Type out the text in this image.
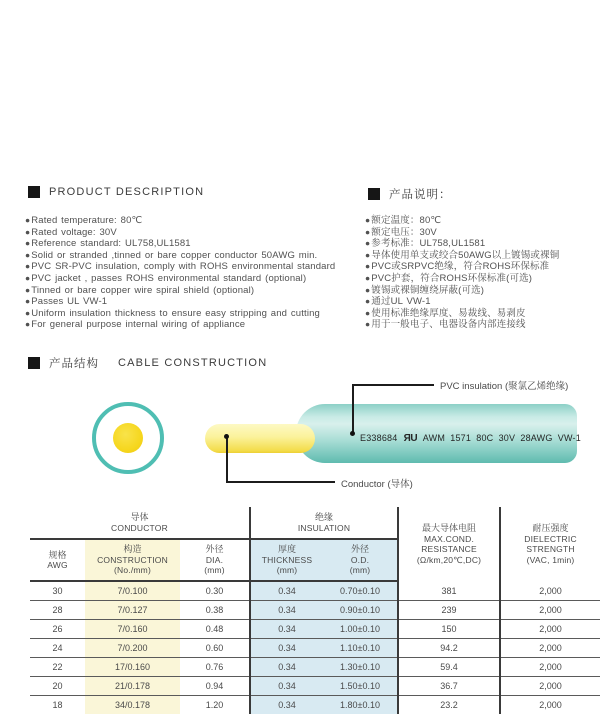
PRODUCT DESCRIPTION	产品说明：
● Rated temperature: 80℃
● Rated voltage: 30V
● Reference standard: UL758,UL1581
● Solid or stranded ,tinned or bare copper conductor 50AWG min.
● PVC SR-PVC insulation, comply with ROHS environmental standard
● PVC jacket , passes ROHS environmental standard (optional)
● Tinned or bare copper wire spiral shield (optional)
● Passes UL VW-1
● Uniform insulation thickness to ensure easy stripping and cutting
● For general purpose internal wiring of appliance
● 额定温度：80℃
● 额定电压：30V
● 参考标准：UL758,UL1581
● 导体使用单支或绞合50AWG以上镀锡或裸铜
● PVC或SRPVC绝缘，符合ROHS环保标准
● PVC护套，符合ROHS环保标准(可选)
● 镀锡或裸铜缠绕屏蔽(可选)
● 通过UL VW-1
● 使用标准绝缘厚度、易裁线、易剥皮
● 用于一般电子、电器设备内部连接线
产品结构 CABLE CONSTRUCTION
E338684 ЯU AWM 1571 80C 30V 28AWG VW-1
PVC insulation (聚氯乙烯绝缘)
Conductor (导体)
导体
CONDUCTOR			绝缘
INSULATION		最大导体电阻
MAX.COND.
RESISTANCE
(Ω/km,20℃,DC)	耐压强度
DIELECTRIC
STRENGTH
(VAC, 1min)

规格
AWG	构造
CONSTRUCTION
(No./mm)	外径
DIA.
(mm)	厚度
THICKNESS
(mm)	外径
O.D.
(mm)		

30	7/0.100	0.30	0.34	0.70±0.10	381	2,000
28	7/0.127	0.38	0.34	0.90±0.10	239	2,000
26	7/0.160	0.48	0.34	1.00±0.10	150	2,000
24	7/0.200	0.60	0.34	1.10±0.10	94.2	2,000
22	17/0.160	0.76	0.34	1.30±0.10	59.4	2,000
20	21/0.178	0.94	0.34	1.50±0.10	36.7	2,000
18	34/0.178	1.20	0.34	1.80±0.10	23.2	2,000
